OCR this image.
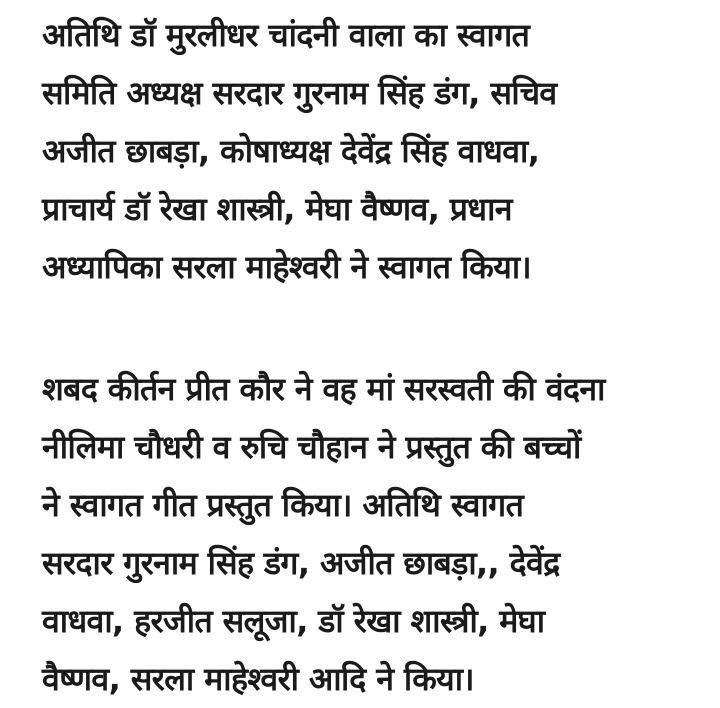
अतिथि डॉ मुरलीधर चांदनी वाला का स्वागत
समिति अध्यक्ष सरदार गुरनाम सिंह डंग, सचिव
अजीत छाबड़ा, कोषाध्यक्ष देवेंद्र सिंह वाधवा,
प्राचार्य डॉ रेखा शास्त्री, मेघा वैष्णव, प्रधान
अध्यापिका सरला माहेश्वरी ने स्वागत किया।

शबद कीर्तन प्रीत कौर ने वह मां सरस्वती की वंदना
नीलिमा चौधरी व रुचि चौहान ने प्रस्तुत की बच्चों
ने स्वागत गीत प्रस्तुत किया। अतिथि स्वागत
सरदार गुरनाम सिंह डंग, अजीत छाबड़ा,, देवेंद्र
वाधवा, हरजीत सलूजा, डॉ रेखा शास्त्री, मेघा
वैष्णव, सरला माहेश्वरी आदि ने किया।
